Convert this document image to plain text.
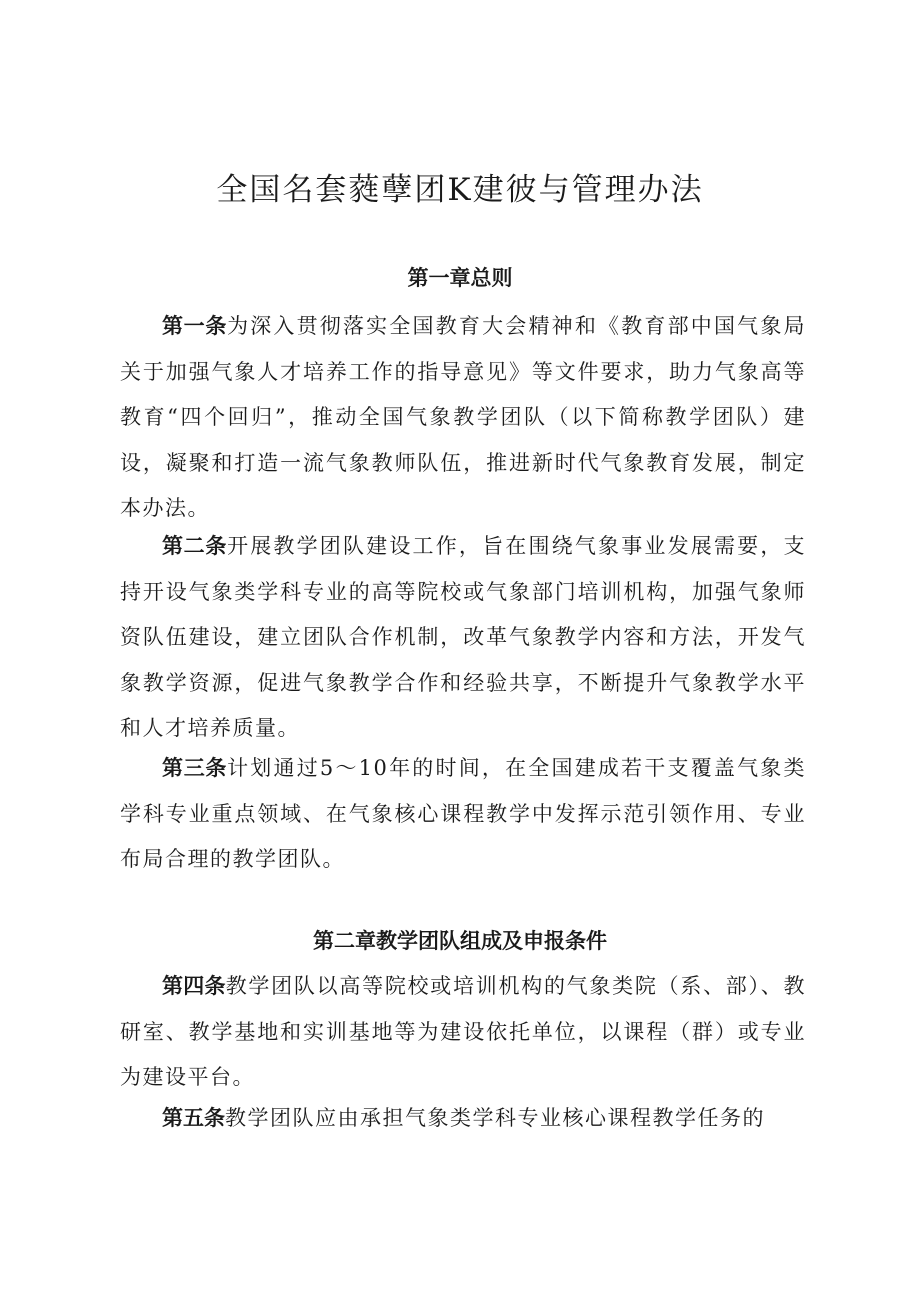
全国名套蕤孽团K建彼与管理办法
第一章总则

第一条为深入贯彻落实全国教育大会精神和《教育部中国气象局关于加强气象人才培养工作的指导意见》等文件要求，助力气象高等教育“四个回归”，推动全国气象教学团队（以下简称教学团队）建设，凝聚和打造一流气象教师队伍，推进新时代气象教育发展，制定本办法。

第二条开展教学团队建设工作，旨在围绕气象事业发展需要，支持开设气象类学科专业的高等院校或气象部门培训机构，加强气象师资队伍建设，建立团队合作机制，改革气象教学内容和方法，开发气象教学资源，促进气象教学合作和经验共享，不断提升气象教学水平和人才培养质量。

第三条计划通过5～10年的时间，在全国建成若干支覆盖气象类学科专业重点领域、在气象核心课程教学中发挥示范引领作用、专业布局合理的教学团队。

第二章教学团队组成及申报条件

第四条教学团队以高等院校或培训机构的气象类院（系、部）、教研室、教学基地和实训基地等为建设依托单位，以课程（群）或专业为建设平台。

第五条教学团队应由承担气象类学科专业核心课程教学任务的
